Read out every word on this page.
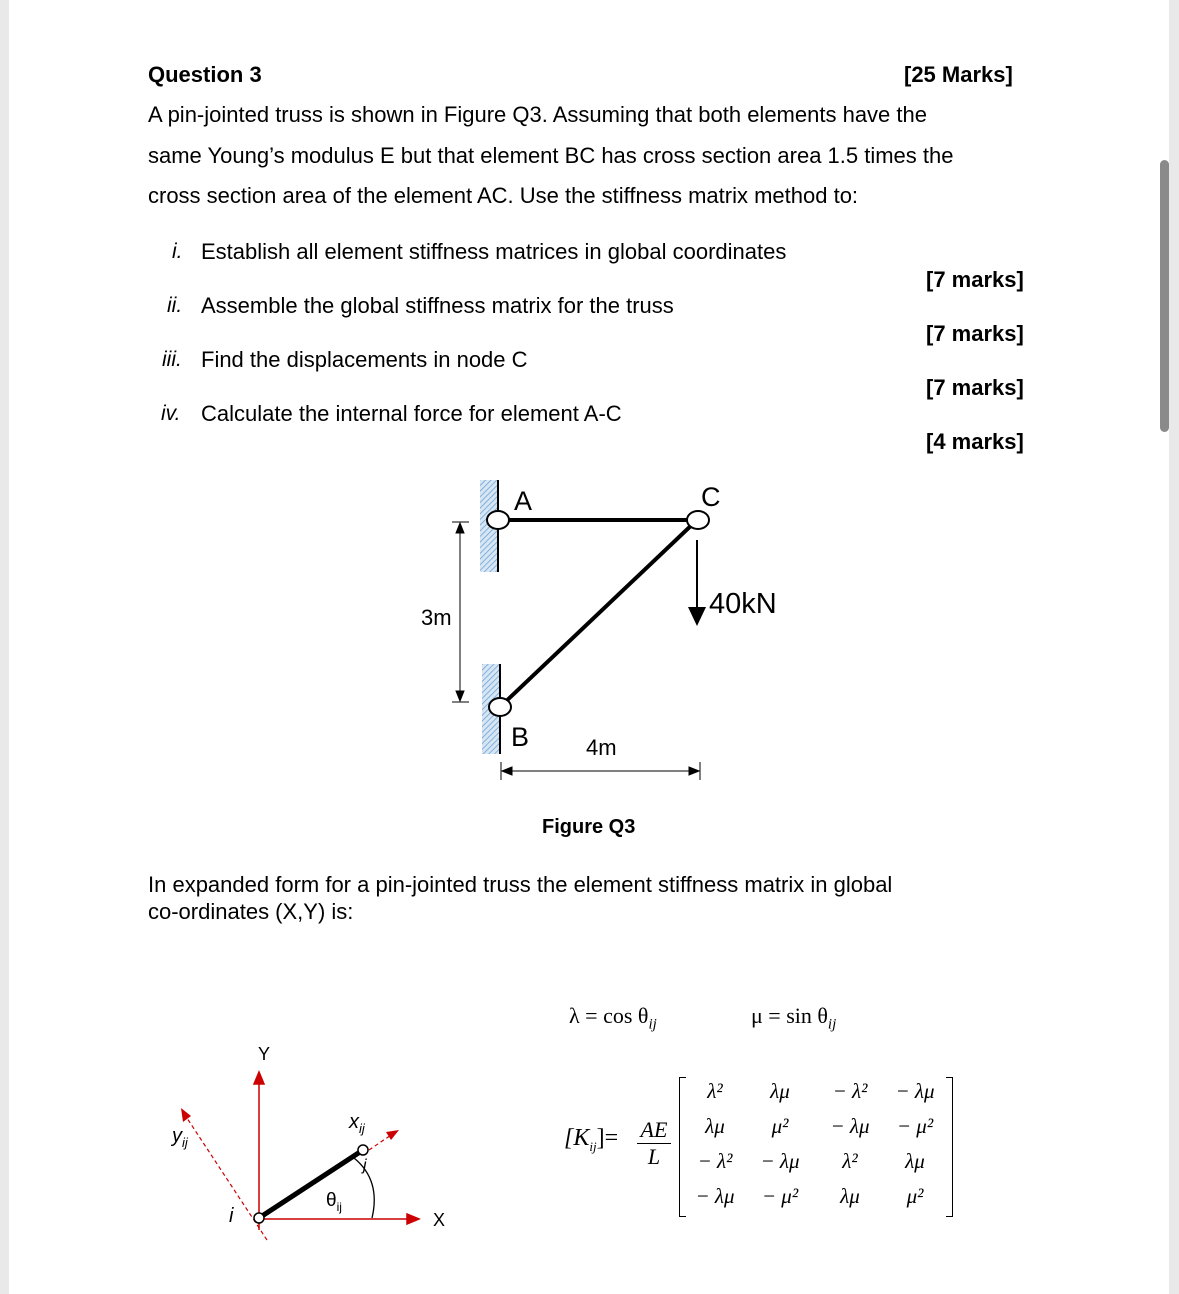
Question 3	[25 Marks]
A pin-jointed truss is shown in Figure Q3. Assuming that both elements have the
same Young’s modulus E but that element BC has cross section area 1.5 times the
cross section area of the element AC. Use the stiffness matrix method to:
i. Establish all element stiffness matrices in global coordinates
[7 marks]
ii. Assemble the global stiffness matrix for the truss
[7 marks]
iii. Find the displacements in node C
[7 marks]
iv. Calculate the internal force for element A-C
[4 marks]
A	C
B
3m
4m
40kN
Figure Q3
In expanded form for a pin-jointed truss the element stiffness matrix in global
co-ordinates (X,Y) is:
$\lambda = \cos \theta_{ij}$	$\mu = \sin \theta_{ij}$
Y
X
$x_{ij}$
$y_{ij}$
i
j
$\theta_{ij}$
$[K_{ij}]= \frac{AE}{L}$
λ²	λμ	− λ²	− λμ
λμ	μ²	− λμ	− μ²
− λ²	− λμ	λ²	λμ
− λμ	− μ²	λμ	μ²
